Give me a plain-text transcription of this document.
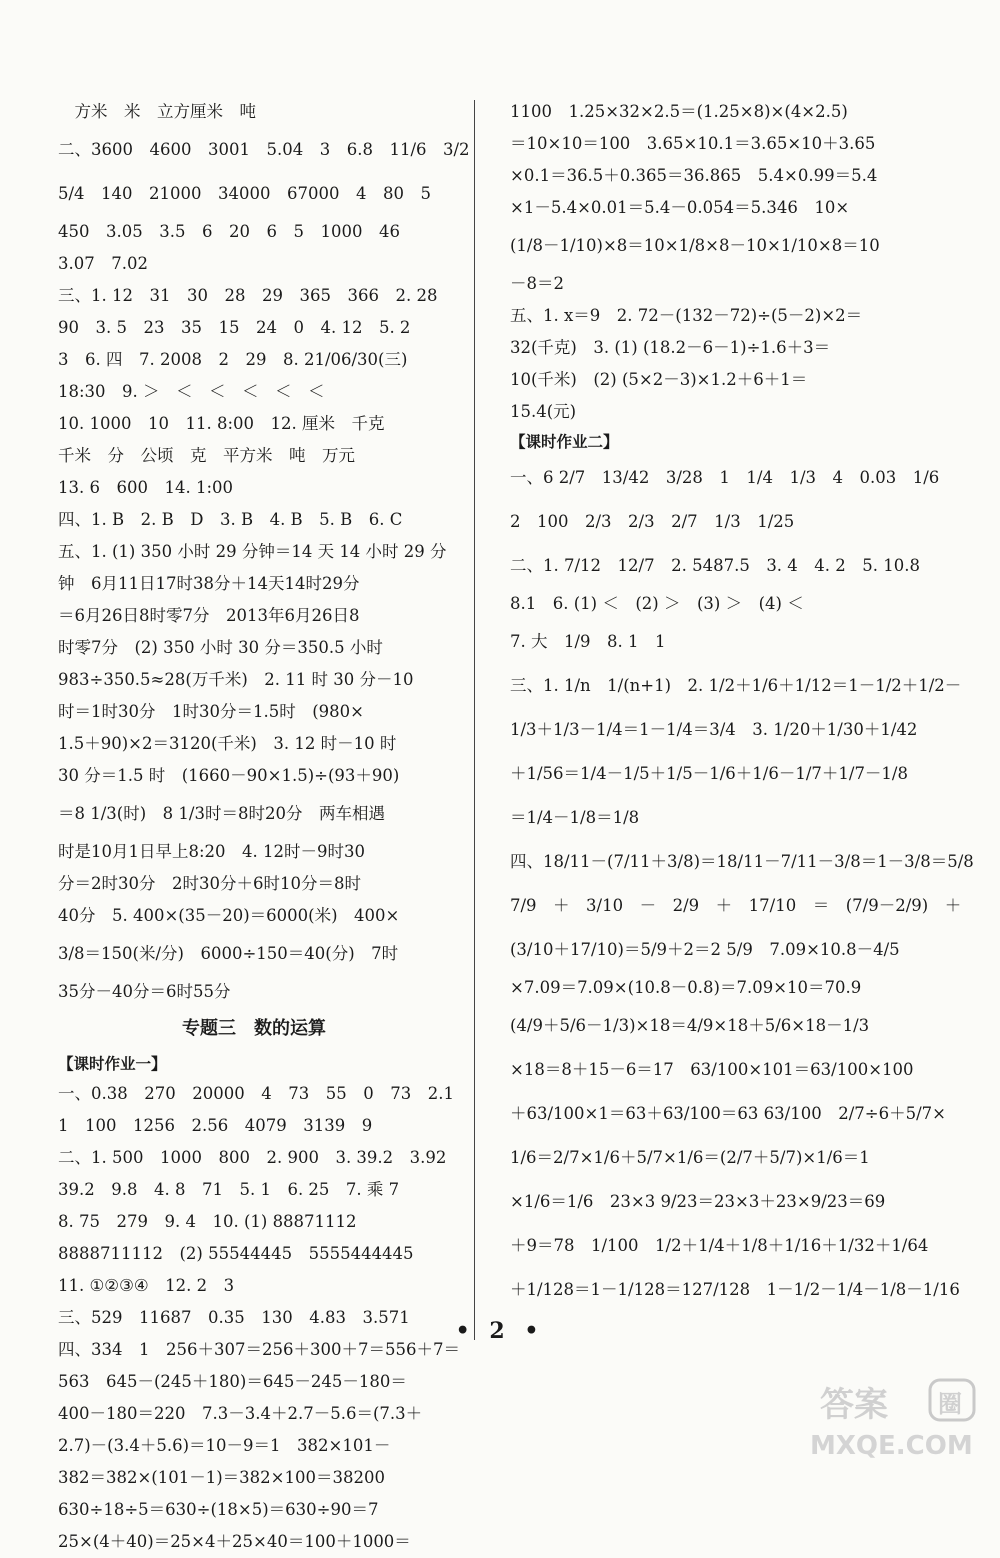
　方米　米　立方厘米　吨
二、3600　4600　3001　5.04　3　6.8　11/6　3/2
5/4　140　21000　34000　67000　4　80　5
450　3.05　3.5　6　20　6　5　1000　46
3.07　7.02
三、1. 12　31　30　28　29　365　366　2. 28
90　3. 5　23　35　15　24　0　4. 12　5. 2
3　6. 四　7. 2008　2　29　8. 21/06/30(三)
18:30　9. ＞　＜　＜　＜　＜　＜
10. 1000　10　11. 8:00　12. 厘米　千克
千米　分　公顷　克　平方米　吨　万元
13. 6　600　14. 1:00
四、1. B　2. B　D　3. B　4. B　5. B　6. C
五、1. (1) 350 小时 29 分钟＝14 天 14 小时 29 分
钟　6月11日17时38分＋14天14时29分
＝6月26日8时零7分　2013年6月26日8
时零7分　(2) 350 小时 30 分＝350.5 小时
983÷350.5≈28(万千米)　2. 11 时 30 分－10
时＝1时30分　1时30分＝1.5时　(980×
1.5＋90)×2＝3120(千米)　3. 12 时－10 时
30 分＝1.5 时　(1660－90×1.5)÷(93＋90)
＝8 1/3(时)　8 1/3时＝8时20分　两车相遇
时是10月1日早上8:20　4. 12时－9时30
分＝2时30分　2时30分＋6时10分＝8时
40分　5. 400×(35－20)＝6000(米)　400×
3/8＝150(米/分)　6000÷150＝40(分)　7时
35分－40分＝6时55分
专题三　数的运算
【课时作业一】
一、0.38　270　20000　4　73　55　0　73　2.1
1　100　1256　2.56　4079　3139　9
二、1. 500　1000　800　2. 900　3. 39.2　3.92
39.2　9.8　4. 8　71　5. 1　6. 25　7. 乘 7
8. 75　279　9. 4　10. (1) 88871112
8888711112　(2) 55544445　5555444445
11. ①②③④　12. 2　3
三、529　11687　0.35　130　4.83　3.571
四、334　1　256＋307＝256＋300＋7＝556＋7＝
563　645－(245＋180)＝645－245－180＝
400－180＝220　7.3－3.4＋2.7－5.6＝(7.3＋
2.7)－(3.4＋5.6)＝10－9＝1　382×101－
382＝382×(101－1)＝382×100＝38200
630÷18÷5＝630÷(18×5)＝630÷90＝7
25×(4＋40)＝25×4＋25×40＝100＋1000＝
1100　1.25×32×2.5＝(1.25×8)×(4×2.5)
＝10×10＝100　3.65×10.1＝3.65×10＋3.65
×0.1＝36.5＋0.365＝36.865　5.4×0.99＝5.4
×1－5.4×0.01＝5.4－0.054＝5.346　10×
(1/8－1/10)×8＝10×1/8×8－10×1/10×8＝10
－8＝2
五、1. x＝9　2. 72－(132－72)÷(5－2)×2＝
32(千克)　3. (1) (18.2－6－1)÷1.6＋3＝
10(千米)　(2) (5×2－3)×1.2＋6＋1＝
15.4(元)
【课时作业二】
一、6 2/7　13/42　3/28　1　1/4　1/3　4　0.03　1/6
2　100　2/3　2/3　2/7　1/3　1/25
二、1. 7/12　12/7　2. 5487.5　3. 4　4. 2　5. 10.8
8.1　6. (1) ＜　(2) ＞　(3) ＞　(4) ＜
7. 大　1/9　8. 1　1
三、1. 1/n　1/(n+1)　2. 1/2＋1/6＋1/12＝1－1/2＋1/2－
1/3＋1/3－1/4＝1－1/4＝3/4　3. 1/20＋1/30＋1/42
＋1/56＝1/4－1/5＋1/5－1/6＋1/6－1/7＋1/7－1/8
＝1/4－1/8＝1/8
四、18/11－(7/11＋3/8)＝18/11－7/11－3/8＝1－3/8＝5/8
7/9　＋　3/10　－　2/9　＋　17/10　＝　(7/9－2/9)　＋
(3/10＋17/10)＝5/9＋2＝2 5/9　7.09×10.8－4/5
×7.09＝7.09×(10.8－0.8)＝7.09×10＝70.9
(4/9＋5/6－1/3)×18＝4/9×18＋5/6×18－1/3
×18＝8＋15－6＝17　63/100×101＝63/100×100
＋63/100×1＝63＋63/100＝63 63/100　2/7÷6＋5/7×
1/6＝2/7×1/6＋5/7×1/6＝(2/7＋5/7)×1/6＝1
×1/6＝1/6　23×3 9/23＝23×3＋23×9/23＝69
＋9＝78　1/100　1/2＋1/4＋1/8＋1/16＋1/32＋1/64
＋1/128＝1－1/128＝127/128　1－1/2－1/4－1/8－1/16
• 2 •
答案 圈
MXQE.COM
